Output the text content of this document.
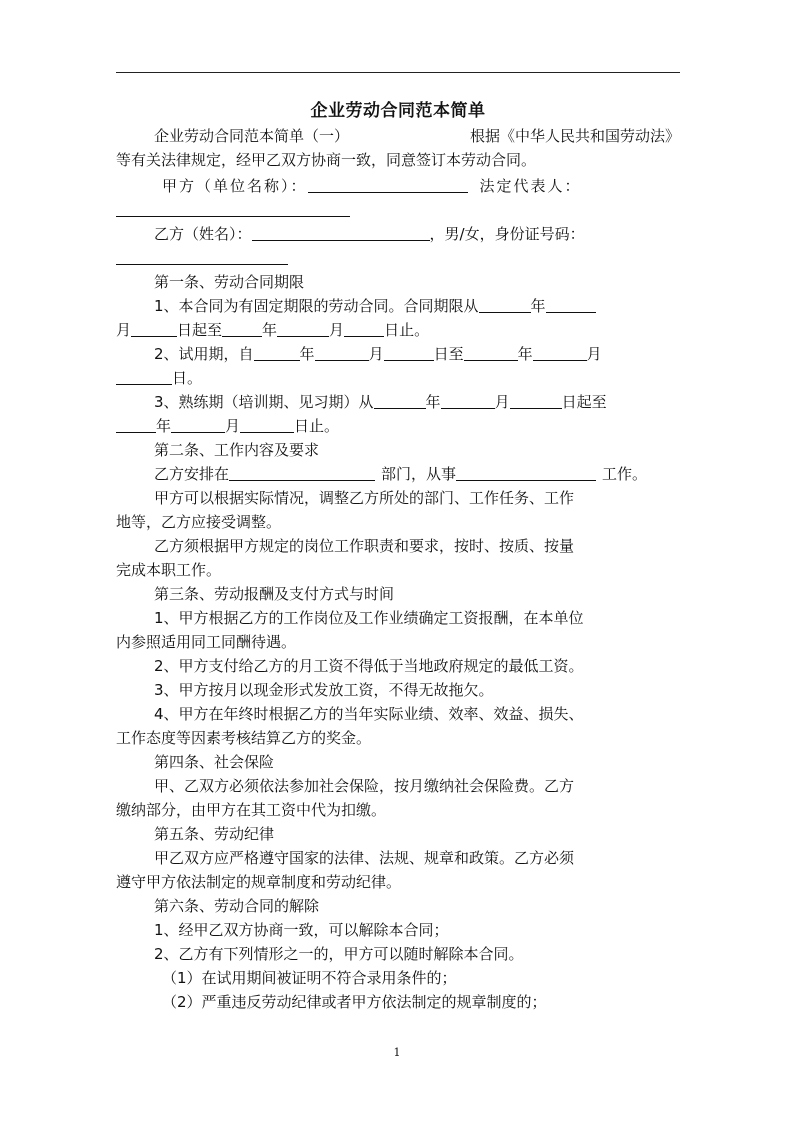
企业劳动合同范本简单
企业劳动合同范本简单（一）	根据《中华人民共和国劳动法》
等有关法律规定，经甲乙双方协商一致，同意签订本劳动合同。
甲方（单位名称）：	法定代表人：
乙方（姓名）：	，男/女，身份证号码：
第一条、劳动合同期限
1、本合同为有固定期限的劳动合同。合同期限从	年
月	日起至	年	月	日止。
2、试用期，自	年	月	日至	年	月
日。
3、熟练期（培训期、见习期）从	年	月	日起至
年	月	日止。
第二条、工作内容及要求
乙方安排在	部门，从事	工作。
甲方可以根据实际情况，调整乙方所处的部门、工作任务、工作
地等，乙方应接受调整。
乙方须根据甲方规定的岗位工作职责和要求，按时、按质、按量
完成本职工作。
第三条、劳动报酬及支付方式与时间
1、甲方根据乙方的工作岗位及工作业绩确定工资报酬，在本单位
内参照适用同工同酬待遇。
2、甲方支付给乙方的月工资不得低于当地政府规定的最低工资。
3、甲方按月以现金形式发放工资，不得无故拖欠。
4、甲方在年终时根据乙方的当年实际业绩、效率、效益、损失、
工作态度等因素考核结算乙方的奖金。
第四条、社会保险
甲、乙双方必须依法参加社会保险，按月缴纳社会保险费。乙方
缴纳部分，由甲方在其工资中代为扣缴。
第五条、劳动纪律
甲乙双方应严格遵守国家的法律、法规、规章和政策。乙方必须
遵守甲方依法制定的规章制度和劳动纪律。
第六条、劳动合同的解除
1、经甲乙双方协商一致，可以解除本合同；
2、乙方有下列情形之一的，甲方可以随时解除本合同。
（1）在试用期间被证明不符合录用条件的；
（2）严重违反劳动纪律或者甲方依法制定的规章制度的；
1
